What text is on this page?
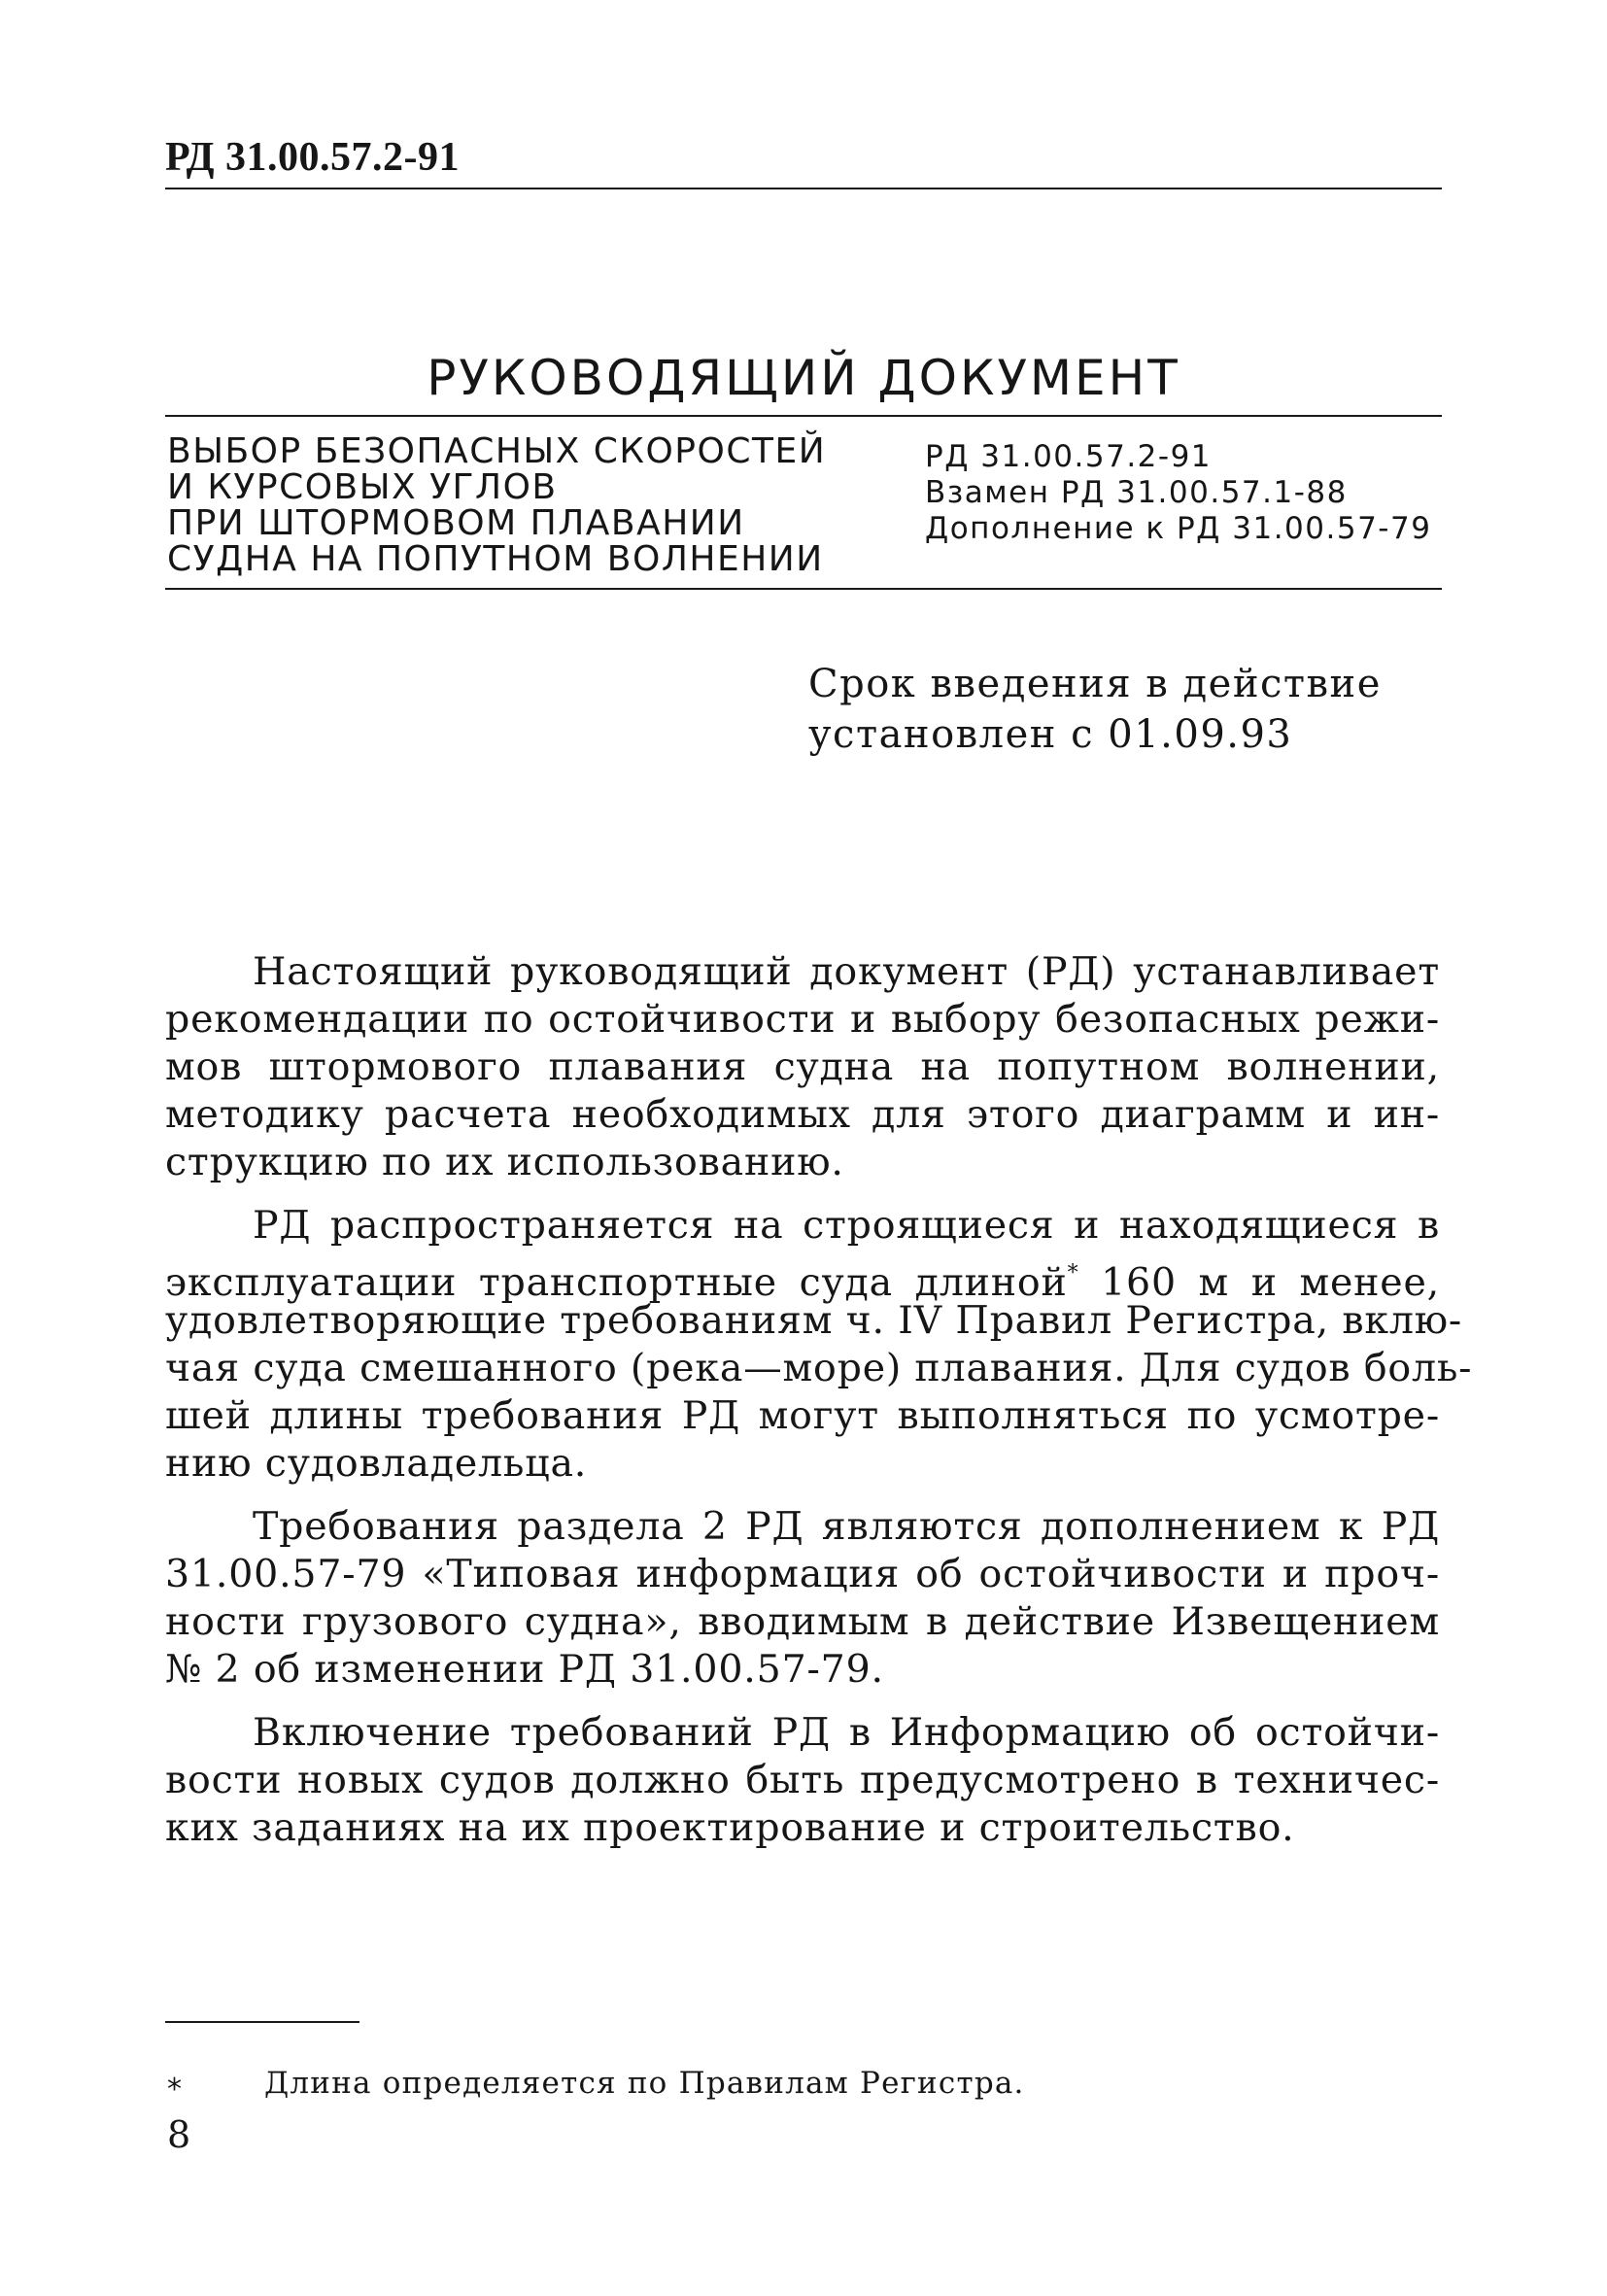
РД 31.00.57.2-91
РУКОВОДЯЩИЙ ДОКУМЕНТ
ВЫБОР БЕЗОПАСНЫХ СКОРОСТЕЙ
И КУРСОВЫХ УГЛОВ
ПРИ ШТОРМОВОМ ПЛАВАНИИ
СУДНА НА ПОПУТНОМ ВОЛНЕНИИ
РД 31.00.57.2-91
Взамен РД 31.00.57.1-88
Дополнение к РД 31.00.57-79
Срок введения в действие
установлен с 01.09.93

Настоящий руководящий документ (РД) устанавливает
рекомендации по остойчивости и выбору безопасных режи-
мов штормового плавания судна на попутном волнении,
методику расчета необходимых для этого диаграмм и ин-
струкцию по их использованию.

РД распространяется на строящиеся и находящиеся в
эксплуатации транспортные суда длиной* 160 м и менее,
удовлетворяющие требованиям ч. IV Правил Регистра, вклю-
чая суда смешанного (река—море) плавания. Для судов боль-
шей длины требования РД могут выполняться по усмотре-
нию судовладельца.

Требования раздела 2 РД являются дополнением к РД
31.00.57-79 «Типовая информация об остойчивости и проч-
ности грузового судна», вводимым в действие Извещением
№ 2 об изменении РД 31.00.57-79.

Включение требований РД в Информацию об остойчи-
вости новых судов должно быть предусмотрено в техничес-
ких заданиях на их проектирование и строительство.

*	Длина определяется по Правилам Регистра.
8
